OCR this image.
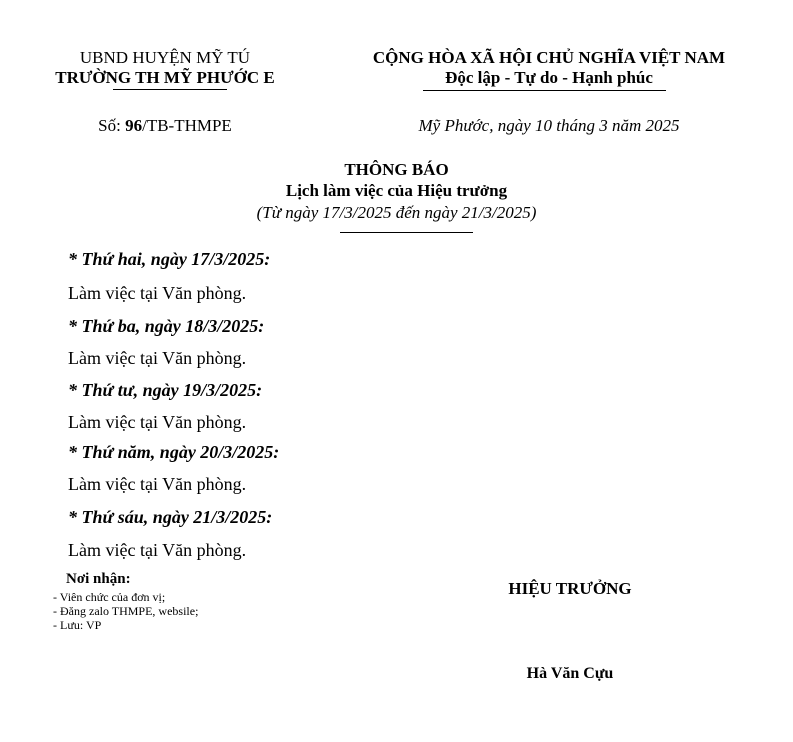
UBND HUYỆN MỸ TÚ
TRƯỜNG TH MỸ PHƯỚC E
CỘNG HÒA XÃ HỘI CHỦ NGHĨA VIỆT NAM
Độc lập - Tự do - Hạnh phúc
Số: 96/TB-THMPE	Mỹ Phước, ngày 10 tháng 3 năm 2025
THÔNG BÁO
Lịch làm việc của Hiệu trưởng
(Từ ngày 17/3/2025 đến ngày 21/3/2025)
* Thứ hai, ngày 17/3/2025:
Làm việc tại Văn phòng.
* Thứ ba, ngày 18/3/2025:
Làm việc tại Văn phòng.
* Thứ tư, ngày 19/3/2025:
Làm việc tại Văn phòng.
* Thứ năm, ngày 20/3/2025:
Làm việc tại Văn phòng.
* Thứ sáu, ngày 21/3/2025:
Làm việc tại Văn phòng.
Nơi nhận:
- Viên chức của đơn vị;
- Đăng zalo THMPE, websile;
- Lưu: VP
HIỆU TRƯỞNG
Hà Văn Cựu
